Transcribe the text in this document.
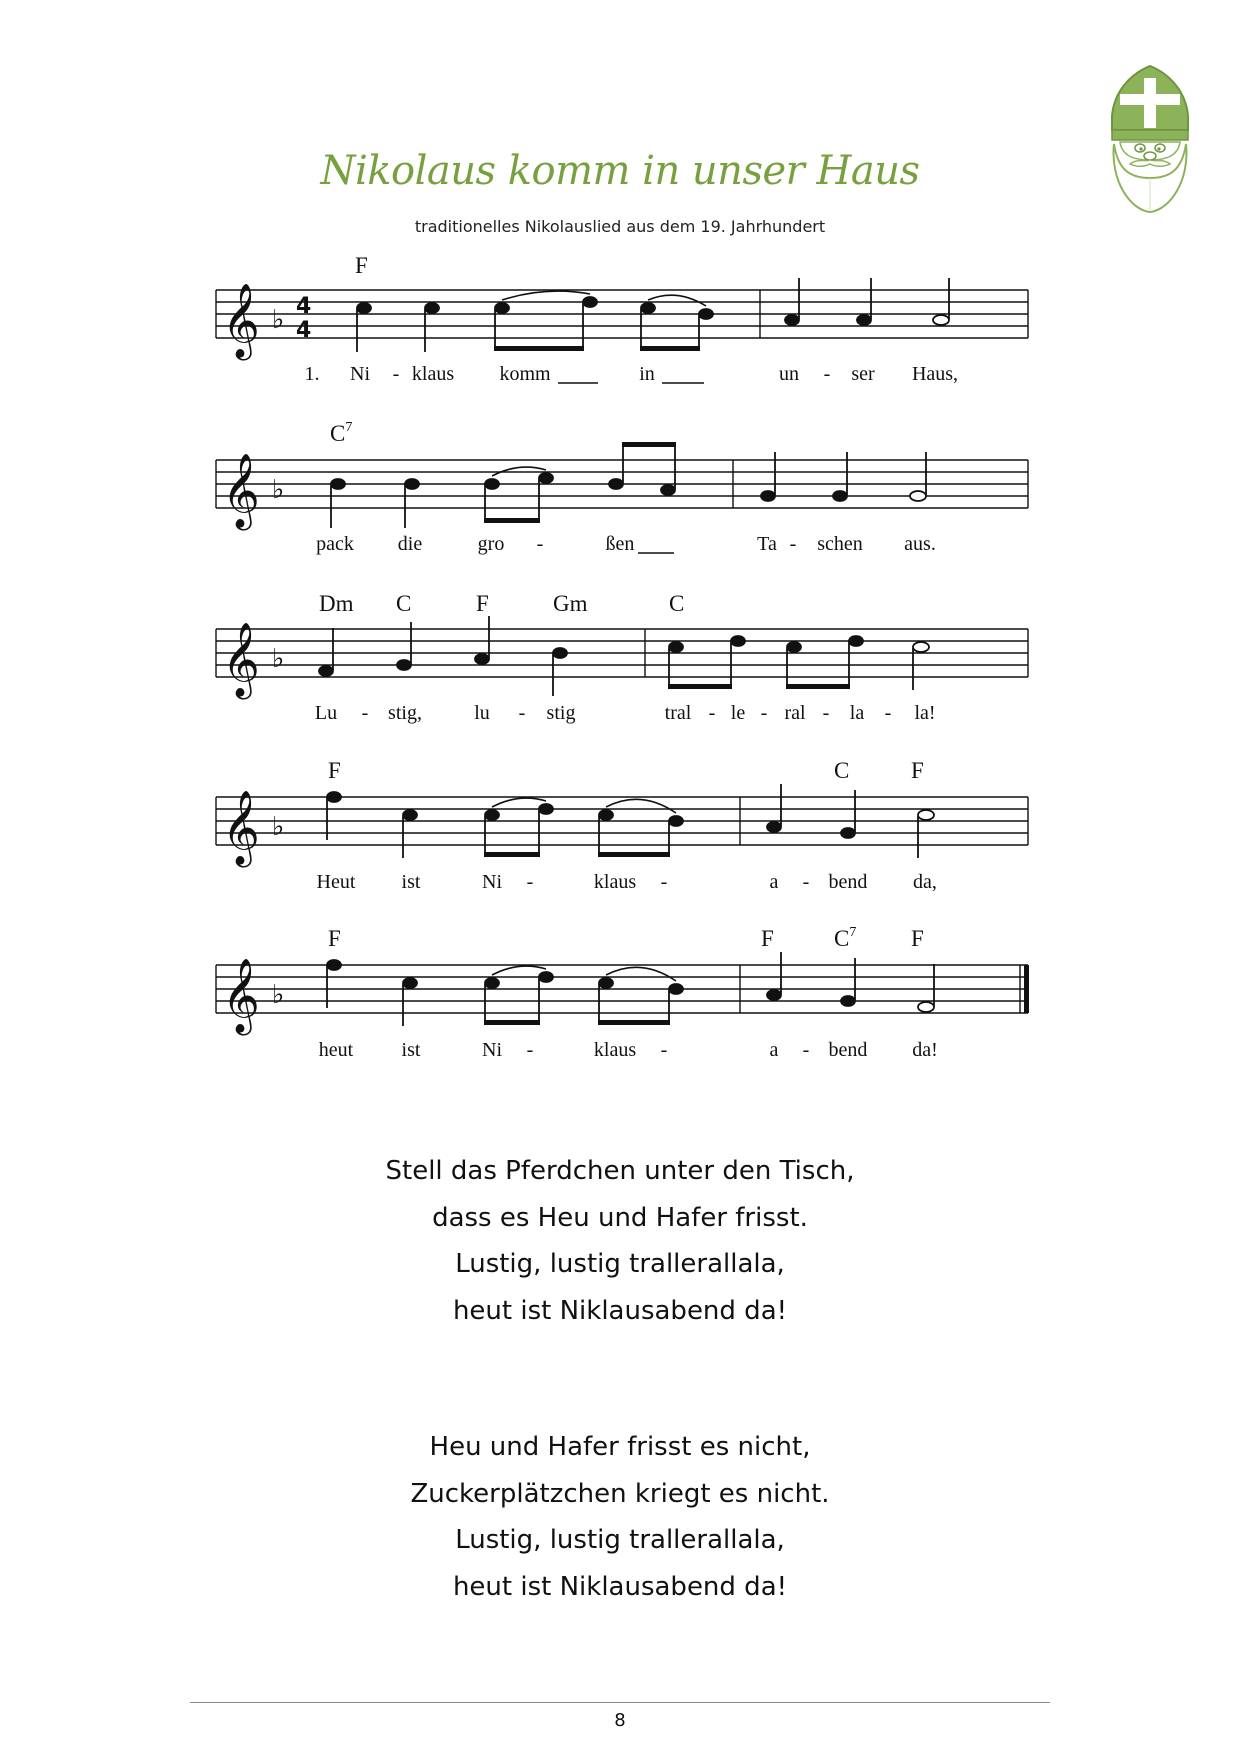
Nikolaus komm in unser Haus
traditionelles Nikolauslied aus dem 19. Jahrhundert
𝄞 ♭ 4
4
𝄞 ♭
𝄞 ♭
𝄞 ♭
𝄞 ♭
F
$C^7$
Dm C	F	Gm	C
F	C	F
F	F	$C^7$ F
1. Ni - klaus komm	in	un - ser Haus,
pack die	gro -	ßen	Ta - schen aus.
Lu - stig,	lu - stig	tral - le - ral - la - la!
Heut ist	Ni -	klaus -	a - bend da,
heut ist	Ni -	klaus -	a - bend da!
Stell das Pferdchen unter den Tisch,
dass es Heu und Hafer frisst.
Lustig, lustig trallerallala,
heut ist Niklausabend da!
Heu und Hafer frisst es nicht,
Zuckerplätzchen kriegt es nicht.
Lustig, lustig trallerallala,
heut ist Niklausabend da!
8
